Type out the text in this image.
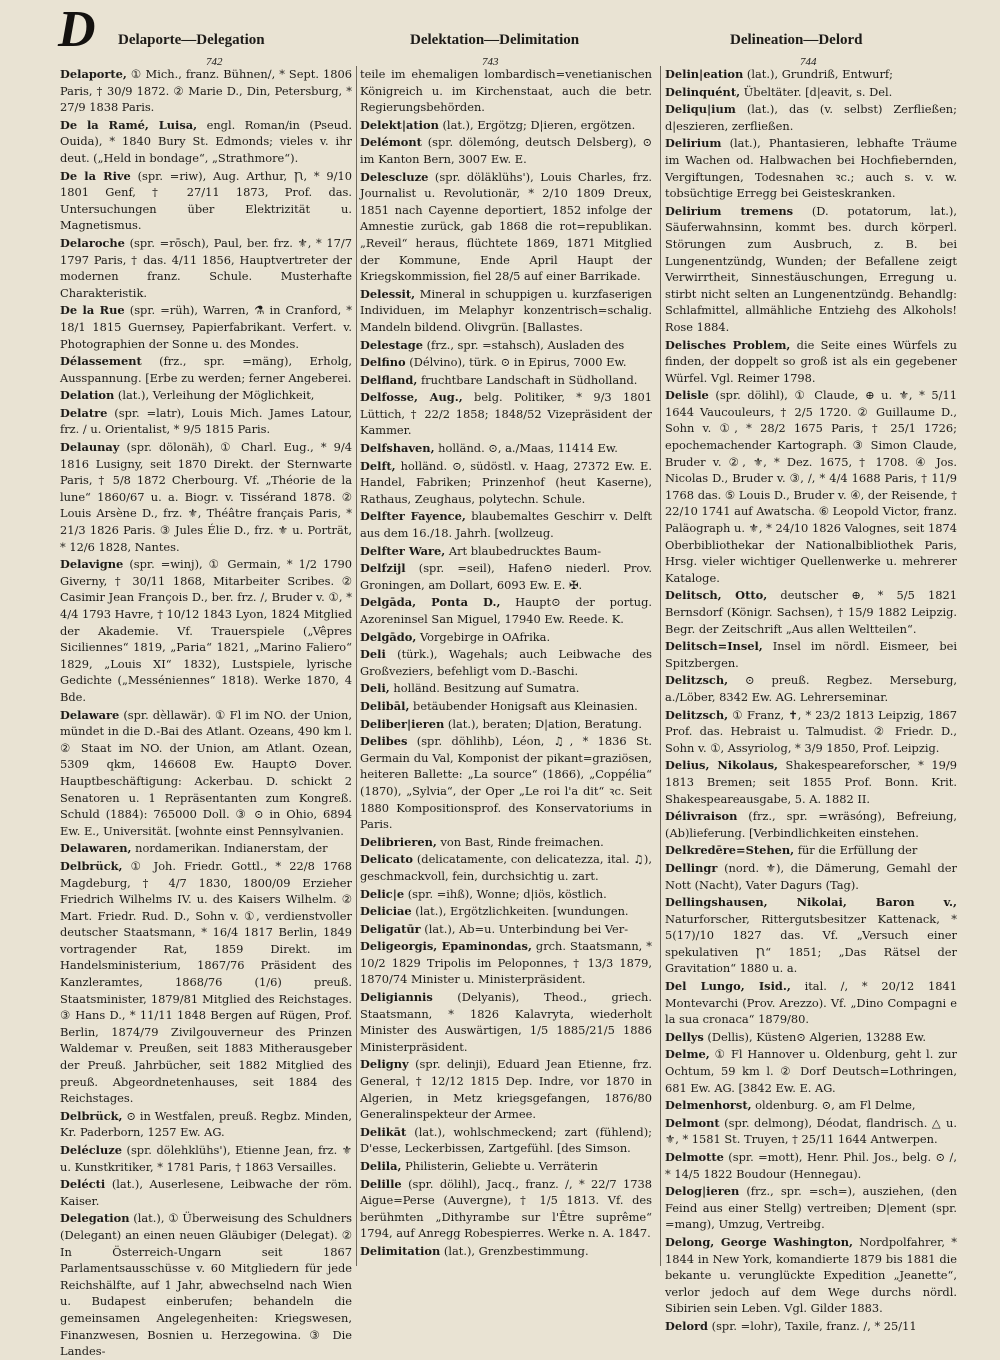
D Delaporte—Delegation	Delektation—Delimitation	Delineation—Delord
742	743	744
Delaporte, ① Mich., franz. Bühnen∕, * Sept. 1806 Paris, † 30/9 1872. ② Marie D., Din, Petersburg, * 27/9 1838 Paris.
De la Ramé, Luisa, engl. Roman∕in (Pseud. Ouida), * 1840 Bury St. Edmonds; vieles v. ihr deut. („Held in bondage“, „Strathmore“).
De la Rive (spr. =riw), Aug. Arthur, Ꞃ, * 9/10 1801 Genf, † 27/11 1873, Prof. das. Untersuchungen über Elektrizität u. Magnetismus.
Delaroche (spr. =rōsch), Paul, ber. frz. ⚜, * 17/7 1797 Paris, † das. 4/11 1856, Hauptvertreter der modernen franz. Schule. Musterhafte Charakteristik.
De la Rue (spr. =rüh), Warren, ⚗ in Cranford, * 18/1 1815 Guernsey, Papierfabrikant. Verfert. v. Photographien der Sonne u. des Mondes.
Délassement (frz., spr. =mäng), Erholg, Ausspannung. [Erbe zu werden; ferner Angeberei.
Delation (lat.), Verleihung der Möglichkeit,
Delatre (spr. =latr), Louis Mich. James Latour, frz. ∕ u. Orientalist, * 9/5 1815 Paris.
Delaunay (spr. dölonäh), ① Charl. Eug., * 9/4 1816 Lusigny, seit 1870 Direkt. der Sternwarte Paris, † 5/8 1872 Cherbourg. Vf. „Théorie de la lune“ 1860/67 u. a. Biogr. v. Tissérand 1878. ② Louis Arsène D., frz. ⚜, Théâtre français Paris, * 21/3 1826 Paris. ③ Jules Élie D., frz. ⚜ u. Porträt, * 12/6 1828, Nantes.
Delavigne (spr. =winj), ① Germain, * 1/2 1790 Giverny, † 30/11 1868, Mitarbeiter Scribes. ② Casimir Jean François D., ber. frz. ∕, Bruder v. ①, * 4/4 1793 Havre, † 10/12 1843 Lyon, 1824 Mitglied der Akademie. Vf. Trauerspiele („Vêpres Siciliennes“ 1819, „Paria“ 1821, „Marino Faliero“ 1829, „Louis XI“ 1832), Lustspiele, lyrische Gedichte („Messéniennes“ 1818). Werke 1870, 4 Bde.
Delaware (spr. dèllawär). ① Fl im NO. der Union, mündet in die D.-Bai des Atlant. Ozeans, 490 km l. ② Staat im NO. der Union, am Atlant. Ozean, 5309 qkm, 146608 Ew. Haupt⊙ Dover. Hauptbeschäftigung: Ackerbau. D. schickt 2 Senatoren u. 1 Repräsentanten zum Kongreß. Schuld (1884): 765000 Doll. ③ ⊙ in Ohio, 6894 Ew. E., Universität. [wohnte einst Pennsylvanien.
Delawaren, nordamerikan. Indianerstam, der
Delbrück, ① Joh. Friedr. Gottl., * 22/8 1768 Magdeburg, † 4/7 1830, 1800/09 Erzieher Friedrich Wilhelms IV. u. des Kaisers Wilhelm. ② Mart. Friedr. Rud. D., Sohn v. ①, verdienstvoller deutscher Staatsmann, * 16/4 1817 Berlin, 1849 vortragender Rat, 1859 Direkt. im Handelsministerium, 1867/76 Präsident des Kanzleramtes, 1868/76 (1/6) preuß. Staatsminister, 1879/81 Mitglied des Reichstages. ③ Hans D., * 11/11 1848 Bergen auf Rügen, Prof. Berlin, 1874/79 Zivilgouverneur des Prinzen Waldemar v. Preußen, seit 1883 Mitherausgeber der Preuß. Jahrbücher, seit 1882 Mitglied des preuß. Abgeordnetenhauses, seit 1884 des Reichstages.
Delbrück, ⊙ in Westfalen, preuß. Regbz. Minden, Kr. Paderborn, 1257 Ew. AG.
Delécluze (spr. dölehklühs'), Etienne Jean, frz. ⚜ u. Kunstkritiker, * 1781 Paris, † 1863 Versailles.
Delécti (lat.), Auserlesene, Leibwache der röm. Kaiser.
Delegation (lat.), ① Überweisung des Schuldners (Delegant) an einen neuen Gläubiger (Delegat). ② In Österreich-Ungarn seit 1867 Parlamentsausschüsse v. 60 Mitgliedern für jede Reichshälfte, auf 1 Jahr, abwechselnd nach Wien u. Budapest einberufen; behandeln die gemeinsamen Angelegenheiten: Kriegswesen, Finanzwesen, Bosnien u. Herzegowina. ③ Die Landes-
teile im ehemaligen lombardisch=venetianischen Königreich u. im Kirchenstaat, auch die betr. Regierungsbehörden.
Delekt|ation (lat.), Ergötzg; D|ieren, ergötzen.
Delémont (spr. dölemóng, deutsch Delsberg), ⊙ im Kanton Bern, 3007 Ew. E.
Delescluze (spr. döläklühs'), Louis Charles, frz. Journalist u. Revolutionär, * 2/10 1809 Dreux, 1851 nach Cayenne deportiert, 1852 infolge der Amnestie zurück, gab 1868 die rot=republikan. „Reveil“ heraus, flüchtete 1869, 1871 Mitglied der Kommune, Ende April Haupt der Kriegskommission, fiel 28/5 auf einer Barrikade.
Delessit, Mineral in schuppigen u. kurzfaserigen Individuen, im Melaphyr konzentrisch=schalig. Mandeln bildend. Olivgrün. [Ballastes.
Delestage (frz., spr. =stahsch), Ausladen des
Delfino (Délvino), türk. ⊙ in Epirus, 7000 Ew.
Delfland, fruchtbare Landschaft in Südholland.
Delfosse, Aug., belg. Politiker, * 9/3 1801 Lüttich, † 22/2 1858; 1848/52 Vizepräsident der Kammer.
Delfshaven, holländ. ⊙, a./Maas, 11414 Ew.
Delft, holländ. ⊙, südöstl. v. Haag, 27372 Ew. E. Handel, Fabriken; Prinzenhof (heut Kaserne), Rathaus, Zeughaus, polytechn. Schule.
Delfter Fayence, blaubemaltes Geschirr v. Delft aus dem 16./18. Jahrh. [wollzeug.
Delfter Ware, Art blaubedrucktes Baum-
Delfzijl (spr. =seil), Hafen⊙ niederl. Prov. Groningen, am Dollart, 6093 Ew. E. ✠.
Delgāda, Ponta D., Haupt⊙ der portug. Azoreninsel San Miguel, 17940 Ew. Reede. K.
Delgādo, Vorgebirge in OAfrika.
Deli (türk.), Wagehals; auch Leibwache des Großveziers, befehligt vom D.-Baschi.
Deli, holländ. Besitzung auf Sumatra.
Delibāl, betäubender Honigsaft aus Kleinasien.
Deliber|ieren (lat.), beraten; D|ation, Beratung.
Delibes (spr. döhlihb), Léon, ♫, * 1836 St. Germain du Val, Komponist der pikant=graziösen, heiteren Ballette: „La source“ (1866), „Coppélia“ (1870), „Sylvia“, der Oper „Le roi l'a dit“ ꝛc. Seit 1880 Kompositionsprof. des Konservatoriums in Paris.
Delibrieren, von Bast, Rinde freimachen.
Delicato (delicatamente, con delicatezza, ital. ♫), geschmackvoll, fein, durchsichtig u. zart.
Delic|e (spr. =ihß), Wonne; d|iös, köstlich.
Deliciae (lat.), Ergötzlichkeiten. [wundungen.
Deligatūr (lat.), Ab=u. Unterbindung bei Ver-
Deligeorgis, Epaminondas, grch. Staatsmann, * 10/2 1829 Tripolis im Peloponnes, † 13/3 1879, 1870/74 Minister u. Ministerpräsident.
Deligiannis (Delyanis), Theod., griech. Staatsmann, * 1826 Kalavryta, wiederholt Minister des Auswärtigen, 1/5 1885/21/5 1886 Ministerpräsident.
Deligny (spr. delinji), Eduard Jean Etienne, frz. General, † 12/12 1815 Dep. Indre, vor 1870 in Algerien, in Metz kriegsgefangen, 1876/80 Generalinspekteur der Armee.
Delikāt (lat.), wohlschmeckend; zart (fühlend); D'esse, Leckerbissen, Zartgefühl. [des Simson.
Delila, Philisterin, Geliebte u. Verräterin
Delille (spr. dölihl), Jacq., franz. ∕, * 22/7 1738 Aigue=Perse (Auvergne), † 1/5 1813. Vf. des berühmten „Dithyrambe sur l'Être suprême“ 1794, auf Anregg Robespierres. Werke n. A. 1847.
Delimitation (lat.), Grenzbestimmung.
Delin|eation (lat.), Grundriß, Entwurf;
Delinquént, Übeltäter. [d|eavit, s. Del.
Deliqu|ium (lat.), das (v. selbst) Zerfließen; d|eszieren, zerfließen.
Delirium (lat.), Phantasieren, lebhafte Träume im Wachen od. Halbwachen bei Hochfiebernden, Vergiftungen, Todesnahen ꝛc.; auch s. v. w. tobsüchtige Erregg bei Geisteskranken.
Delirium tremens (D. potatorum, lat.), Säuferwahnsinn, kommt bes. durch körperl. Störungen zum Ausbruch, z. B. bei Lungenentzündg, Wunden; der Befallene zeigt Verwirrtheit, Sinnestäuschungen, Erregung u. stirbt nicht selten an Lungenentzündg. Behandlg: Schlafmittel, allmähliche Entziehg des Alkohols! Rose 1884.
Delisches Problem, die Seite eines Würfels zu finden, der doppelt so groß ist als ein gegebener Würfel. Vgl. Reimer 1798.
Delisle (spr. dölihl), ① Claude, ⊕ u. ⚜, * 5/11 1644 Vaucouleurs, † 2/5 1720. ② Guillaume D., Sohn v. ①, * 28/2 1675 Paris, † 25/1 1726; epochemachender Kartograph. ③ Simon Claude, Bruder v. ②, ⚜, * Dez. 1675, † 1708. ④ Jos. Nicolas D., Bruder v. ③, ∕, * 4/4 1688 Paris, † 11/9 1768 das. ⑤ Louis D., Bruder v. ④, der Reisende, † 22/10 1741 auf Awatscha. ⑥ Leopold Victor, franz. Paläograph u. ⚜, * 24/10 1826 Valognes, seit 1874 Oberbibliothekar der Nationalbibliothek Paris, Hrsg. vieler wichtiger Quellenwerke u. mehrerer Kataloge.
Delitsch, Otto, deutscher ⊕, * 5/5 1821 Bernsdorf (Königr. Sachsen), † 15/9 1882 Leipzig. Begr. der Zeitschrift „Aus allen Weltteilen“.
Delitsch=Insel, Insel im nördl. Eismeer, bei Spitzbergen.
Delitzsch, ⊙ preuß. Regbez. Merseburg, a./Löber, 8342 Ew. AG. Lehrerseminar.
Delitzsch, ① Franz, ✝, * 23/2 1813 Leipzig, 1867 Prof. das. Hebraist u. Talmudist. ② Friedr. D., Sohn v. ①, Assyriolog, * 3/9 1850, Prof. Leipzig.
Delius, Nikolaus, Shakespeareforscher, * 19/9 1813 Bremen; seit 1855 Prof. Bonn. Krit. Shakespeareausgabe, 5. A. 1882 II.
Délivraison (frz., spr. =wräsóng), Befreiung, (Ab)lieferung. [Verbindlichkeiten einstehen.
Delkredēre=Stehen, für die Erfüllung der
Dellingr (nord. ⚜), die Dämerung, Gemahl der Nott (Nacht), Vater Dagurs (Tag).
Dellingshausen, Nikolai, Baron v., Naturforscher, Rittergutsbesitzer Kattenack, * 5(17)/10 1827 das. Vf. „Versuch einer spekulativen Ꞃ“ 1851; „Das Rätsel der Gravitation“ 1880 u. a.
Del Lungo, Isid., ital. ∕, * 20/12 1841 Montevarchi (Prov. Arezzo). Vf. „Dino Compagni e la sua cronaca“ 1879/80.
Dellys (Dellis), Küsten⊙ Algerien, 13288 Ew.
Delme, ① Fl Hannover u. Oldenburg, geht l. zur Ochtum, 59 km l. ② Dorf Deutsch=Lothringen, 681 Ew. AG. [3842 Ew. E. AG.
Delmenhorst, oldenburg. ⊙, am Fl Delme,
Delmont (spr. delmong), Déodat, flandrisch. △ u. ⚜, * 1581 St. Truyen, † 25/11 1644 Antwerpen.
Delmotte (spr. =mott), Henr. Phil. Jos., belg. ⊙ ∕, * 14/5 1822 Boudour (Hennegau).
Delog|ieren (frz., spr. =sch=), ausziehen, (den Feind aus einer Stellg) vertreiben; D|ement (spr. =mang), Umzug, Vertreibg.
Delong, George Washington, Nordpolfahrer, * 1844 in New York, komandierte 1879 bis 1881 die bekante u. verunglückte Expedition „Jeanette“, verlor jedoch auf dem Wege durchs nördl. Sibirien sein Leben. Vgl. Gilder 1883.
Delord (spr. =lohr), Taxile, franz. ∕, * 25/11
